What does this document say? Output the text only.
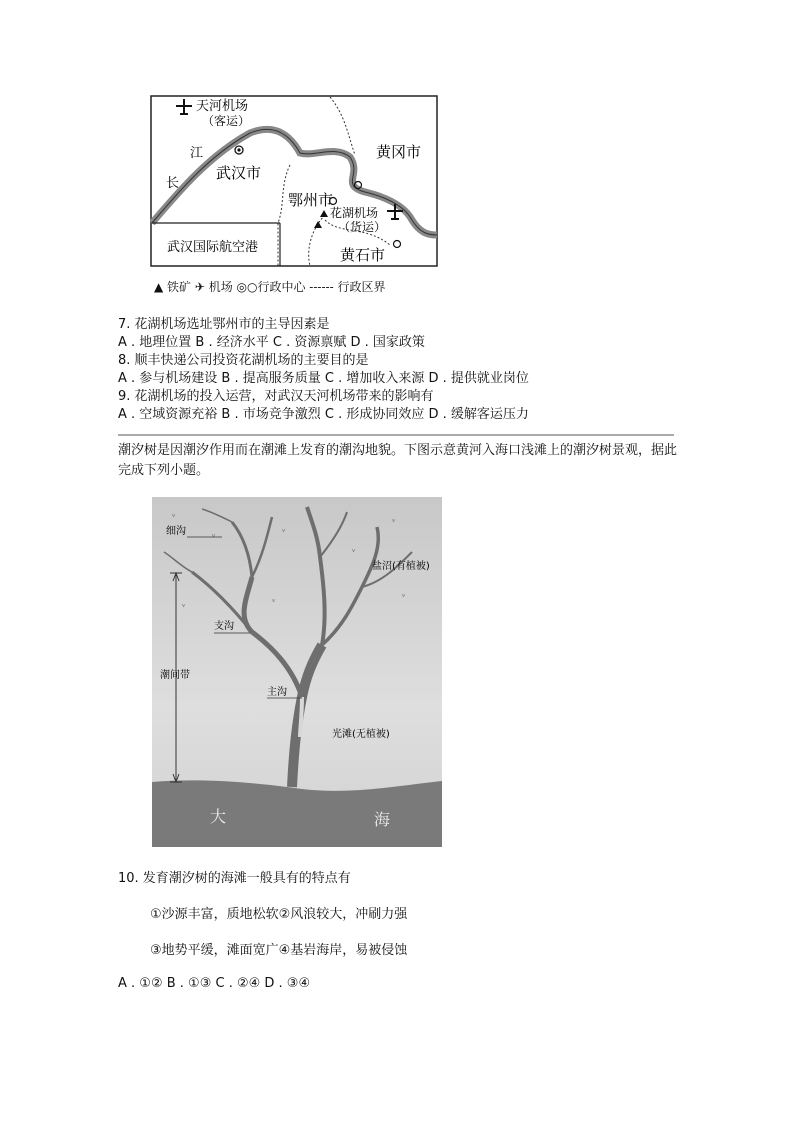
天河机场
（客运）
江
长
武汉市
黄冈市
鄂州市
花湖机场
（货运）
黄石市
武汉国际航空港
▲ 铁矿 ✈ 机场 ◎○行政中心 ------ 行政区界
7. 花湖机场选址鄂州市的主导因素是
A . 地理位置 B . 经济水平 C . 资源禀赋 D . 国家政策
8. 顺丰快递公司投资花湖机场的主要目的是
A . 参与机场建设 B . 提高服务质量 C . 增加收入来源 D . 提供就业岗位
9. 花湖机场的投入运营，对武汉天河机场带来的影响有
A . 空域资源充裕 B . 市场竞争激烈 C . 形成协同效应 D . 缓解客运压力
潮汐树是因潮汐作用而在潮滩上发育的潮沟地貌。下图示意黄河入海口浅滩上的潮汐树景观，据此完成下列小题。
ᵥ
ᵥ	ᵥ
ᵥ
ᵥ
ᵥ
ᵥ	ᵥ
细沟
盐沼(有植被)
支沟
潮间带
主沟
光滩(无植被)
大	海
10. 发育潮汐树的海滩一般具有的特点有
①沙源丰富，质地松软②风浪较大，冲刷力强
③地势平缓，滩面宽广④基岩海岸，易被侵蚀
A . ①② B . ①③ C . ②④ D . ③④
